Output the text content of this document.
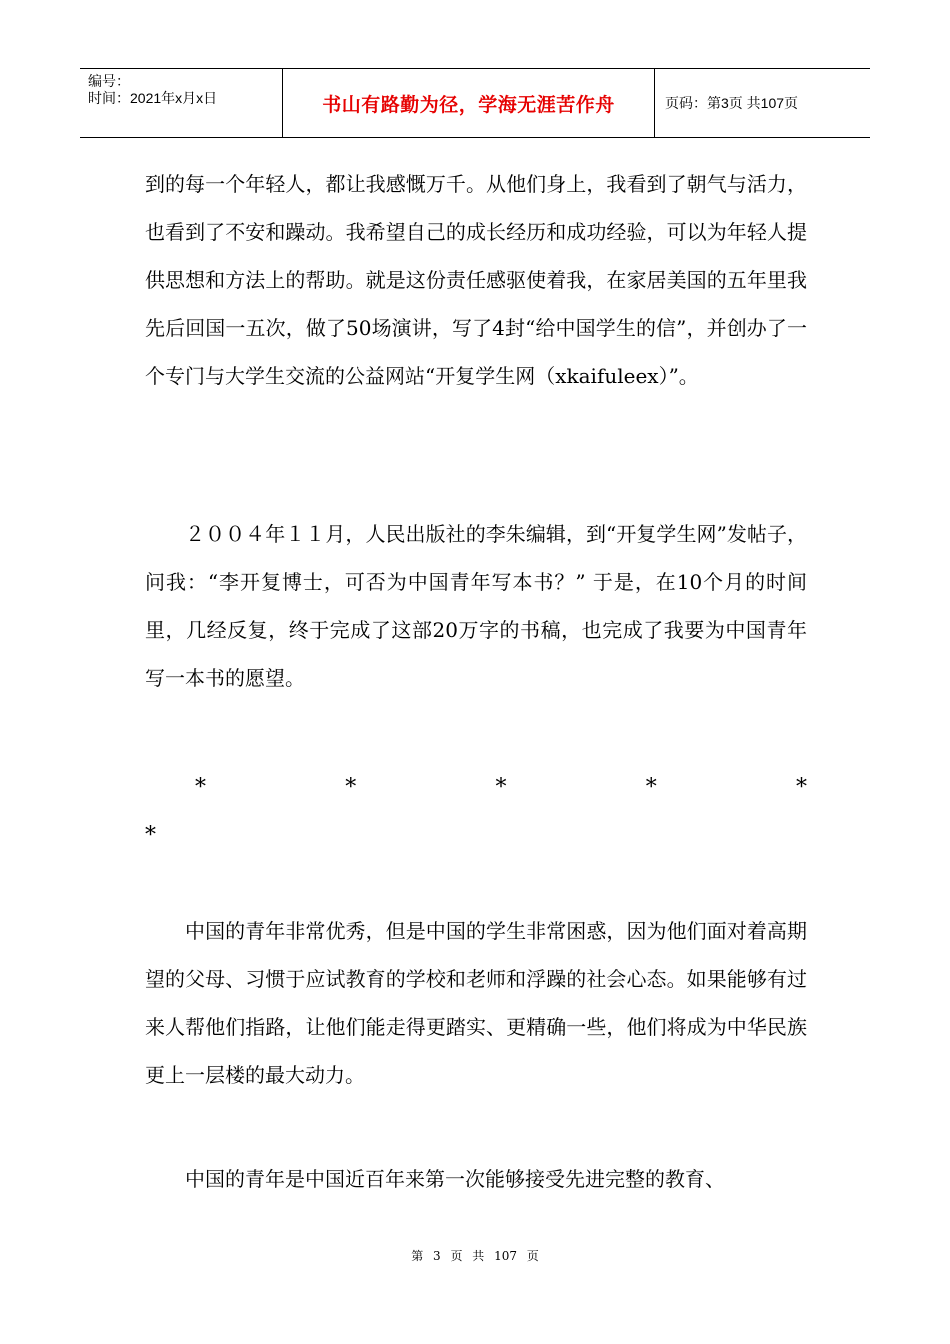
编号：
时间：2021年x月x日	书山有路勤为径，学海无涯苦作舟	页码：第3页 共107页

到的每一个年轻人，都让我感慨万千。从他们身上，我看到了朝气与活力，也看到了不安和躁动。我希望自己的成长经历和成功经验，可以为年轻人提供思想和方法上的帮助。就是这份责任感驱使着我，在家居美国的五年里我先后回国一五次，做了50场演讲，写了4封“给中国学生的信”，并创办了一个专门与大学生交流的公益网站“开复学生网（xkaifuleex）”。

２００４年１１月，人民出版社的李朱编辑，到“开复学生网”发帖子，问我：“李开复博士，可否为中国青年写本书？” 于是，在10个月的时间里，几经反复，终于完成了这部20万字的书稿，也完成了我要为中国青年写一本书的愿望。

*	*	*	*	*
*

中国的青年非常优秀，但是中国的学生非常困惑，因为他们面对着高期望的父母、习惯于应试教育的学校和老师和浮躁的社会心态。如果能够有过来人帮他们指路，让他们能走得更踏实、更精确一些，他们将成为中华民族更上一层楼的最大动力。

中国的青年是中国近百年来第一次能够接受先进完整的教育、

第 3 页 共 107 页
